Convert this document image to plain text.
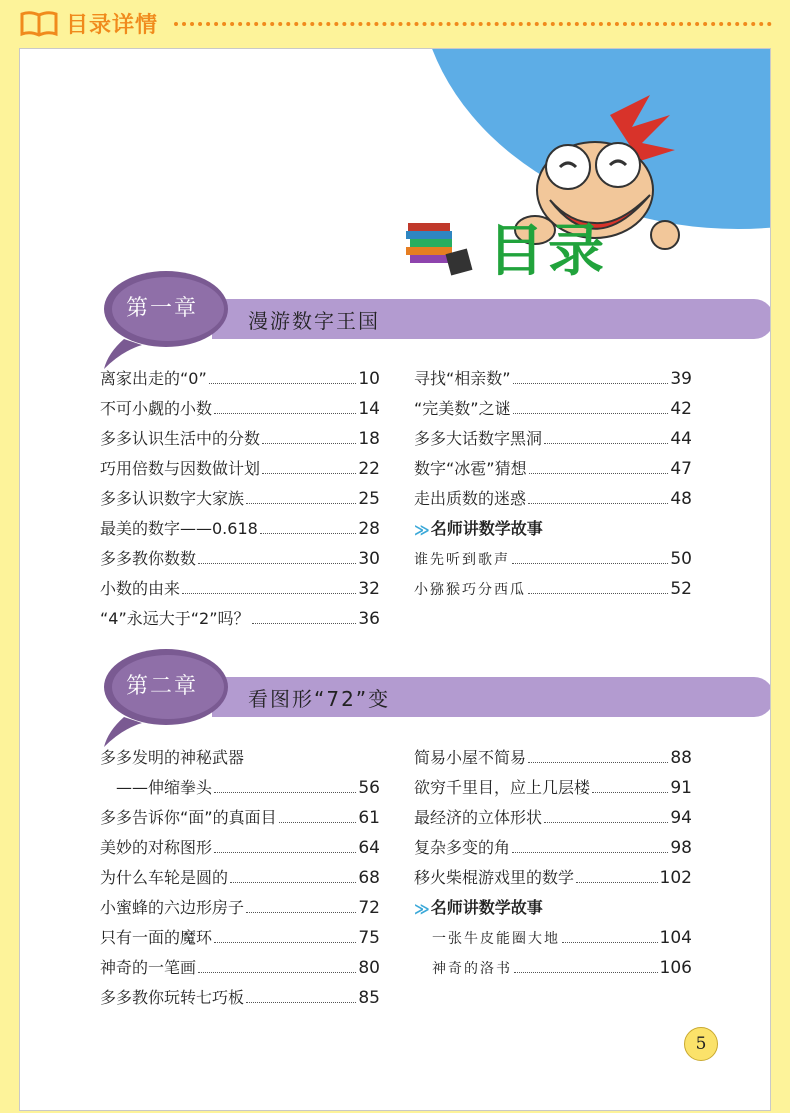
目录详情
目录
第一章 漫游数字王国
离家出走的“0”	10
不可小觑的小数	14
多多认识生活中的分数	18
巧用倍数与因数做计划	22
多多认识数字大家族	25
最美的数字——0.618	28
多多教你数数	30
小数的由来	32
“4”永远大于“2”吗？	36
寻找“相亲数”	39
“完美数”之谜	42
多多大话数字黑洞	44
数字“冰雹”猜想	47
走出质数的迷惑	48
≫ 名师讲数学故事
谁先听到歌声	50
小猕猴巧分西瓜	52
第二章 看图形“72”变
多多发明的神秘武器
——伸缩拳头	56
多多告诉你“面”的真面目	61
美妙的对称图形	64
为什么车轮是圆的	68
小蜜蜂的六边形房子	72
只有一面的魔环	75
神奇的一笔画	80
多多教你玩转七巧板	85
简易小屋不简易	88
欲穷千里目，应上几层楼	91
最经济的立体形状	94
复杂多变的角	98
移火柴棍游戏里的数学	102
≫ 名师讲数学故事
一张牛皮能圈大地	104
神奇的洛书	106
5
